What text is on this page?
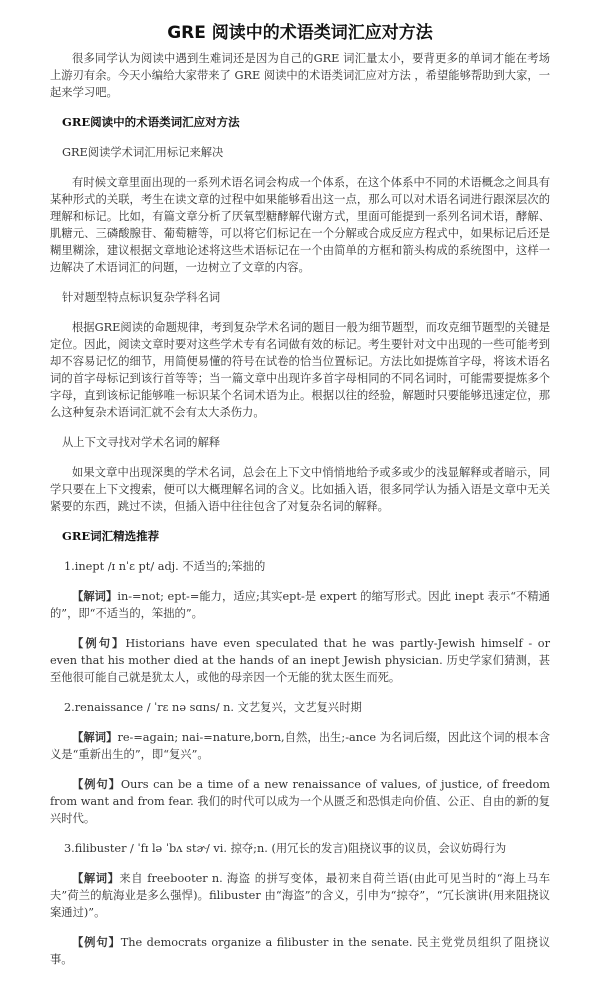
GRE 阅读中的术语类词汇应对方法
很多同学认为阅读中遇到生难词还是因为自己的GRE 词汇量太小，要背更多的单词才能在考场上游刃有余。今天小编给大家带来了 GRE 阅读中的术语类词汇应对方法 ，希望能够帮助到大家，一起来学习吧。
GRE阅读中的术语类词汇应对方法
GRE阅读学术词汇用标记来解决
有时候文章里面出现的一系列术语名词会构成一个体系，在这个体系中不同的术语概念之间具有某种形式的关联，考生在读文章的过程中如果能够看出这一点，那么可以对术语名词进行跟深层次的理解和标记。比如，有篇文章分析了厌氧型糖酵解代谢方式，里面可能提到一系列名词术语，酵解、肌糖元、三磷酸腺苷、葡萄糖等，可以将它们标记在一个分解或合成反应方程式中，如果标记后还是糊里糊涂，建议根据文章地论述将这些术语标记在一个由简单的方框和箭头构成的系统图中，这样一边解决了术语词汇的问题，一边树立了文章的内容。
针对题型特点标识复杂学科名词
根据GRE阅读的命题规律，考到复杂学术名词的题目一般为细节题型，而攻克细节题型的关键是定位。因此，阅读文章时要对这些学术专有名词做有效的标记。考生要针对文中出现的一些可能考到却不容易记忆的细节，用简便易懂的符号在试卷的恰当位置标记。方法比如提炼首字母，将该术语名词的首字母标记到该行首等等；当一篇文章中出现许多首字母相同的不同名词时，可能需要提炼多个字母，直到该标记能够唯一标识某个名词术语为止。根据以往的经验，解题时只要能够迅速定位，那么这种复杂术语词汇就不会有太大杀伤力。
从上下文寻找对学术名词的解释
如果文章中出现深奥的学术名词，总会在上下文中悄悄地给予或多或少的浅显解释或者暗示，同学只要在上下文搜索，便可以大概理解名词的含义。比如插入语，很多同学认为插入语是文章中无关紧要的东西，跳过不读，但插入语中往往包含了对复杂名词的解释。
GRE词汇精选推荐
1.inept /ɪ nˈɛ pt/ adj. 不适当的;笨拙的
【解词】in-=not; ept-=能力，适应;其实ept-是 expert 的缩写形式。因此 inept 表示“不精通的”，即“不适当的，笨拙的”。
【例句】Historians have even speculated that he was partly-Jewish himself - or even that his mother died at the hands of an inept Jewish physician. 历史学家们猜测，甚至他很可能自己就是犹太人，或他的母亲因一个无能的犹太医生而死。
2.renaissance / ˈrɛ nə sɑns/ n. 文艺复兴，文艺复兴时期
【解词】re-=again; nai-=nature,born,自然，出生;-ance 为名词后缀，因此这个词的根本含义是“重新出生的”，即“复兴”。
【例句】Ours can be a time of a new renaissance of values, of justice, of freedom from want and from fear. 我们的时代可以成为一个从匮乏和恐惧走向价值、公正、自由的新的复兴时代。
3.filibuster / ˈfɪ lə ˈbʌ stɚ/ vi. 掠夺;n. (用冗长的发言)阻挠议事的议员，会议妨碍行为
【解词】来自 freebooter n. 海盗 的拼写变体，最初来自荷兰语(由此可见当时的“海上马车夫”荷兰的航海业是多么强悍)。filibuster 由“海盗”的含义，引申为“掠夺”，“冗长演讲(用来阻挠议案通过)”。
【例句】The democrats organize a filibuster in the senate. 民主党党员组织了阻挠议事。
